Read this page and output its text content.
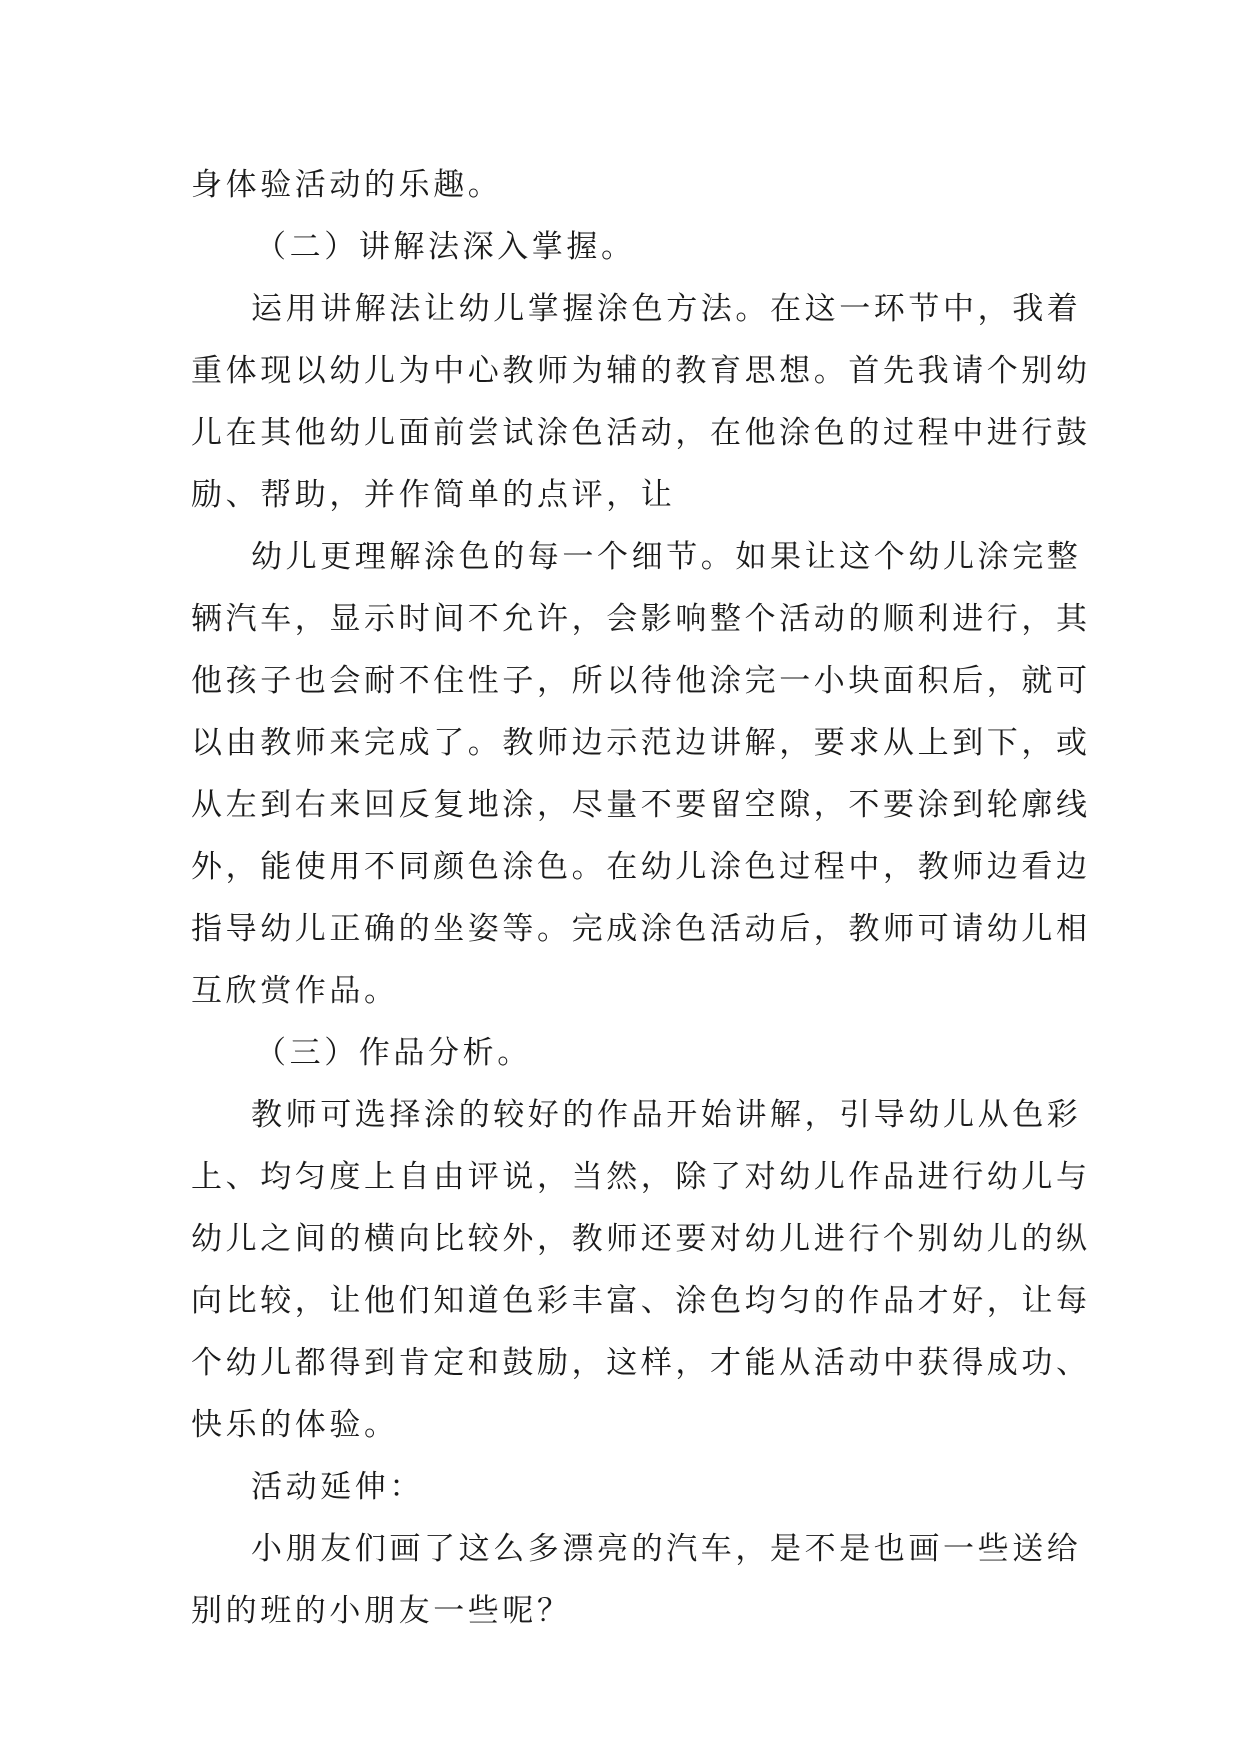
身体验活动的乐趣。
（二）讲解法深入掌握。
运用讲解法让幼儿掌握涂色方法。在这一环节中，我着
重体现以幼儿为中心教师为辅的教育思想。首先我请个别幼
儿在其他幼儿面前尝试涂色活动，在他涂色的过程中进行鼓
励、帮助，并作简单的点评，让
幼儿更理解涂色的每一个细节。如果让这个幼儿涂完整
辆汽车，显示时间不允许，会影响整个活动的顺利进行，其
他孩子也会耐不住性子，所以待他涂完一小块面积后，就可
以由教师来完成了。教师边示范边讲解，要求从上到下，或
从左到右来回反复地涂，尽量不要留空隙，不要涂到轮廓线
外，能使用不同颜色涂色。在幼儿涂色过程中，教师边看边
指导幼儿正确的坐姿等。完成涂色活动后，教师可请幼儿相
互欣赏作品。
（三）作品分析。
教师可选择涂的较好的作品开始讲解，引导幼儿从色彩
上、均匀度上自由评说，当然，除了对幼儿作品进行幼儿与
幼儿之间的横向比较外，教师还要对幼儿进行个别幼儿的纵
向比较，让他们知道色彩丰富、涂色均匀的作品才好，让每
个幼儿都得到肯定和鼓励，这样，才能从活动中获得成功、
快乐的体验。
活动延伸：
小朋友们画了这么多漂亮的汽车，是不是也画一些送给
别的班的小朋友一些呢？
